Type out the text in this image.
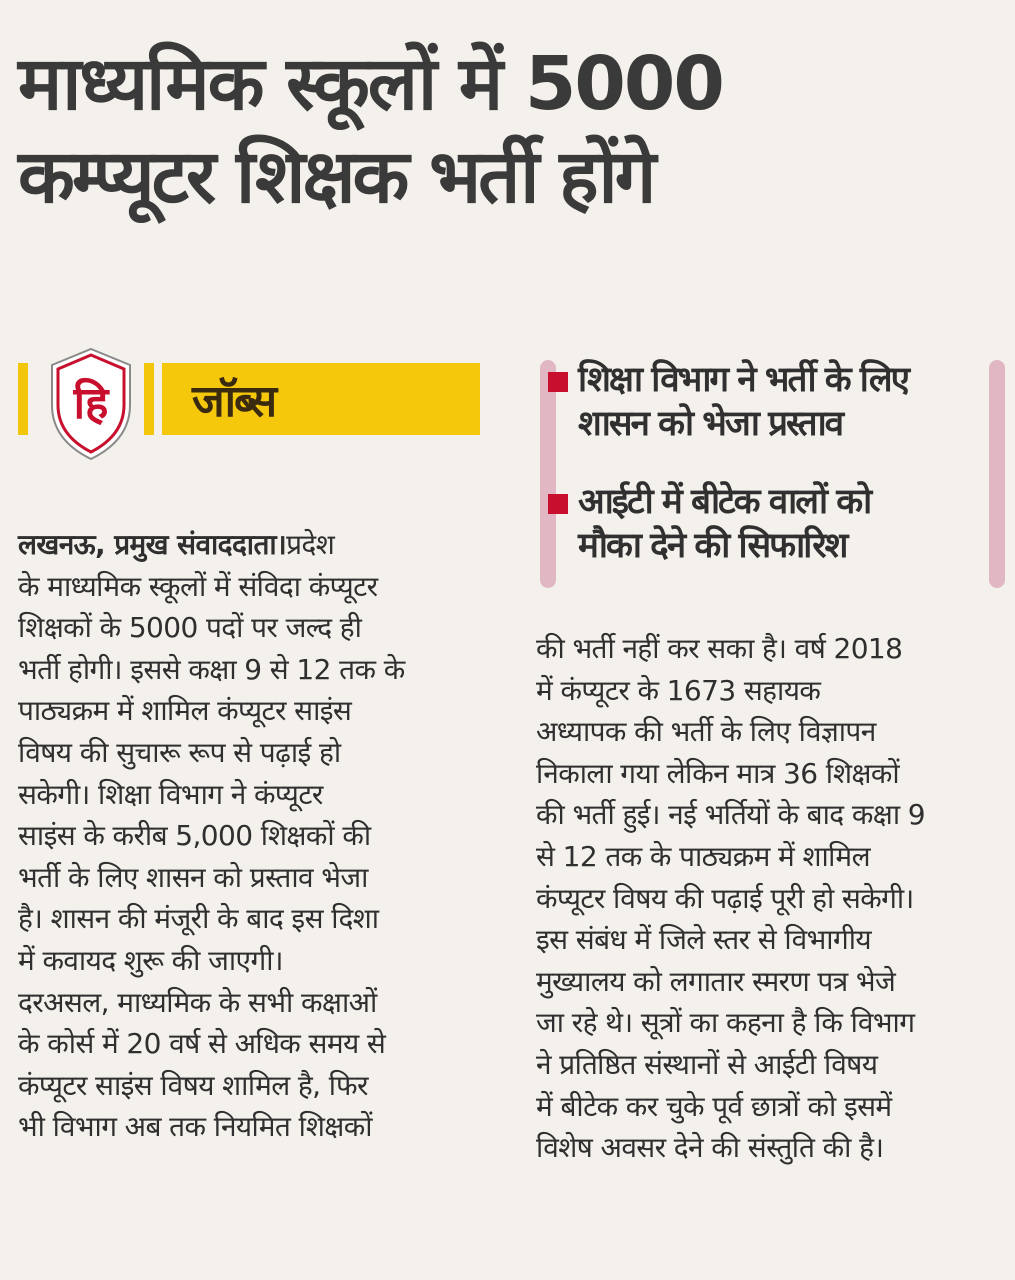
माध्यमिक स्कूलों में 5000
कम्प्यूटर शिक्षक भर्ती होंगे
हि	जॉब्स	शिक्षा विभाग ने भर्ती के लिए
शासन को भेजा प्रस्ताव
आईटी में बीटेक वालों को
मौका देने की सिफारिश
लखनऊ, प्रमुख संवाददाता।प्रदेश
के माध्यमिक स्कूलों में संविदा कंप्यूटर
शिक्षकों के 5000 पदों पर जल्द ही
भर्ती होगी। इससे कक्षा 9 से 12 तक के
पाठ्यक्रम में शामिल कंप्यूटर साइंस
विषय की सुचारू रूप से पढ़ाई हो
सकेगी। शिक्षा विभाग ने कंप्यूटर
साइंस के करीब 5,000 शिक्षकों की
भर्ती के लिए शासन को प्रस्ताव भेजा
है। शासन की मंजूरी के बाद इस दिशा
में कवायद शुरू की जाएगी।
दरअसल, माध्यमिक के सभी कक्षाओं
के कोर्स में 20 वर्ष से अधिक समय से
कंप्यूटर साइंस विषय शामिल है, फिर
भी विभाग अब तक नियमित शिक्षकों
की भर्ती नहीं कर सका है। वर्ष 2018
में कंप्यूटर के 1673 सहायक
अध्यापक की भर्ती के लिए विज्ञापन
निकाला गया लेकिन मात्र 36 शिक्षकों
की भर्ती हुई। नई भर्तियों के बाद कक्षा 9
से 12 तक के पाठ्यक्रम में शामिल
कंप्यूटर विषय की पढ़ाई पूरी हो सकेगी।
इस संबंध में जिले स्तर से विभागीय
मुख्यालय को लगातार स्मरण पत्र भेजे
जा रहे थे। सूत्रों का कहना है कि विभाग
ने प्रतिष्ठित संस्थानों से आईटी विषय
में बीटेक कर चुके पूर्व छात्रों को इसमें
विशेष अवसर देने की संस्तुति की है।
